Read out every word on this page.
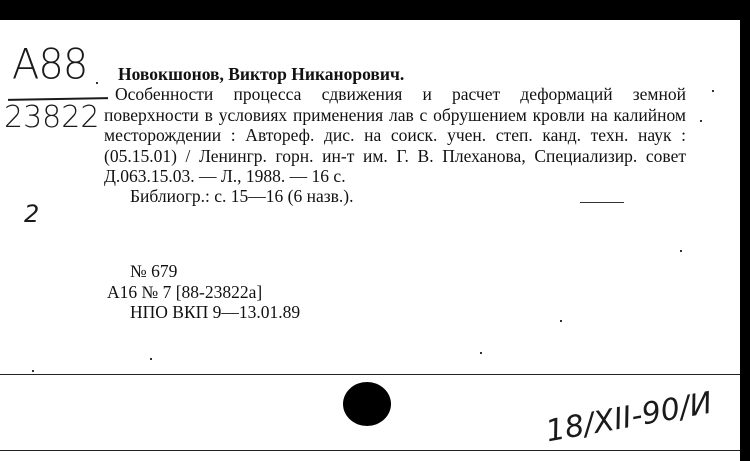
A88
23822
2
Новокшонов, Виктор Никанорович.
Особенности процесса сдвижения и расчет деформаций земной поверхности в условиях применения лав с обрушением кровли на калийном месторождении : Автореф. дис. на соиск. учен. степ. канд. техн. наук : (05.15.01) / Ленингр. горн. ин-т им. Г. В. Плеханова, Специализир. совет Д.063.15.03. — Л., 1988. — 16 с.
Библиогр.: с. 15—16 (6 назв.).
№ 679
А16 № 7 [88-23822а]
НПО ВКП 9—13.01.89
18/XII-90/И
